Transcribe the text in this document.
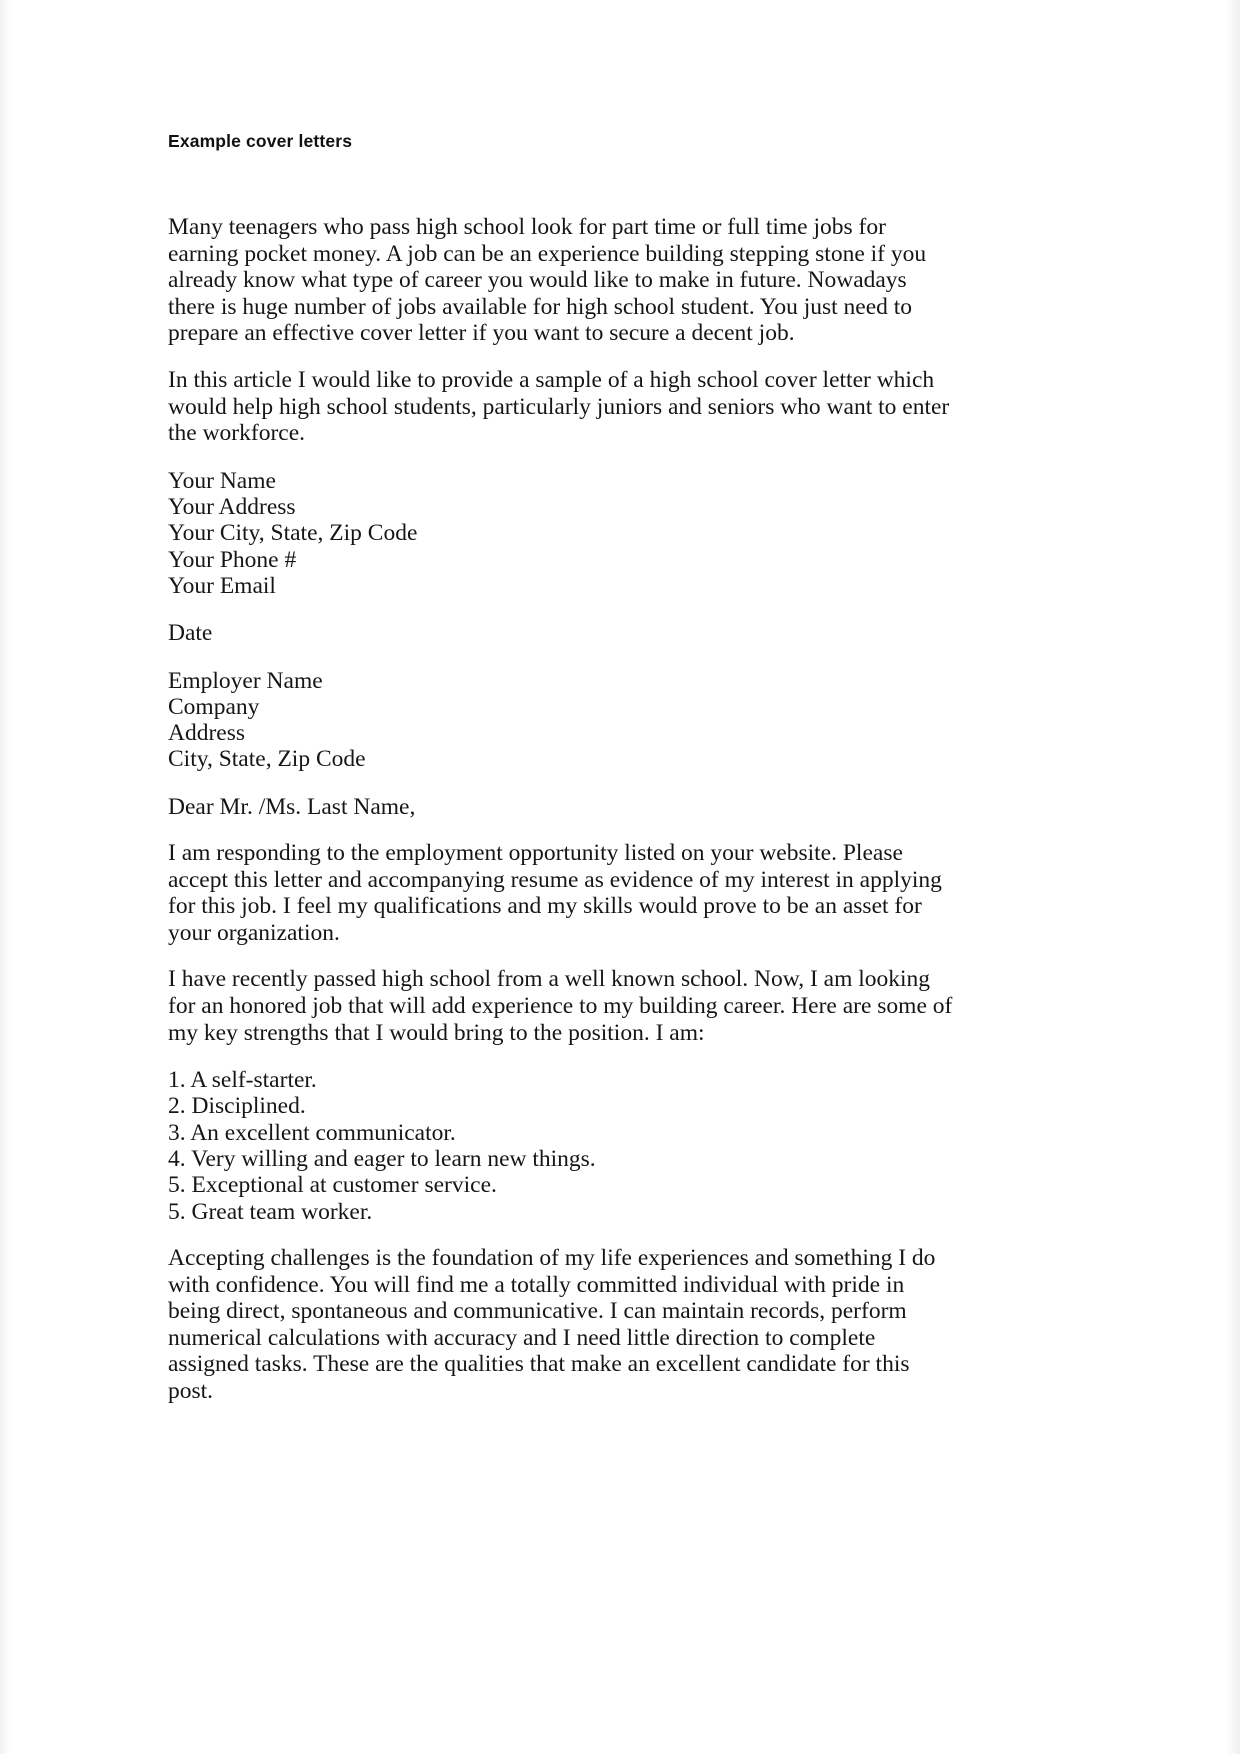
Example cover letters

Many teenagers who pass high school look for part time or full time jobs for earning pocket money. A job can be an experience building stepping stone if you already know what type of career you would like to make in future. Nowadays there is huge number of jobs available for high school student. You just need to prepare an effective cover letter if you want to secure a decent job.

In this article I would like to provide a sample of a high school cover letter which would help high school students, particularly juniors and seniors who want to enter the workforce.

Your Name
Your Address
Your City, State, Zip Code
Your Phone #
Your Email
Date
Employer Name
Company
Address
City, State, Zip Code
Dear Mr. /Ms. Last Name,

I am responding to the employment opportunity listed on your website. Please accept this letter and accompanying resume as evidence of my interest in applying for this job. I feel my qualifications and my skills would prove to be an asset for your organization.

I have recently passed high school from a well known school. Now, I am looking for an honored job that will add experience to my building career. Here are some of my key strengths that I would bring to the position. I am:

1. A self-starter.
2. Disciplined.
3. An excellent communicator.
4. Very willing and eager to learn new things.
5. Exceptional at customer service.
5. Great team worker.

Accepting challenges is the foundation of my life experiences and something I do with confidence. You will find me a totally committed individual with pride in being direct, spontaneous and communicative. I can maintain records, perform numerical calculations with accuracy and I need little direction to complete assigned tasks. These are the qualities that make an excellent candidate for this post.
